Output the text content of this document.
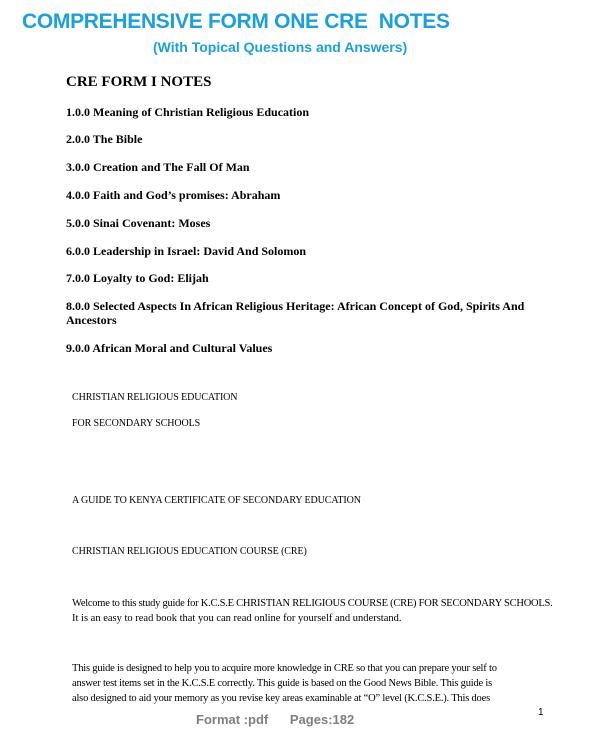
COMPREHENSIVE FORM ONE CRE  NOTES
(With Topical Questions and Answers)
CRE FORM I NOTES
1.0.0 Meaning of Christian Religious Education
2.0.0 The Bible
3.0.0 Creation and The Fall Of Man
4.0.0 Faith and God’s promises: Abraham
5.0.0 Sinai Covenant: Moses
6.0.0 Leadership in Israel: David And Solomon
7.0.0 Loyalty to God: Elijah
8.0.0 Selected Aspects In African Religious Heritage: African Concept of God, Spirits And Ancestors
9.0.0 African Moral and Cultural Values
CHRISTIAN RELIGIOUS EDUCATION
FOR SECONDARY SCHOOLS
A GUIDE TO KENYA CERTIFICATE OF SECONDARY EDUCATION
CHRISTIAN RELIGIOUS EDUCATION COURSE (CRE)
Welcome to this study guide for K.C.S.E CHRISTIAN RELIGIOUS COURSE (CRE) FOR SECONDARY SCHOOLS.
It is an easy to read book that you can read online for yourself and understand.
This guide is designed to help you to acquire more knowledge in CRE so that you can prepare your self to
answer test items set in the K.C.S.E correctly. This guide is based on the Good News Bible. This guide is
also designed to aid your memory as you revise key areas examinable at “O” level (K.C.S.E.). This does
Format :pdf Pages:182	1
